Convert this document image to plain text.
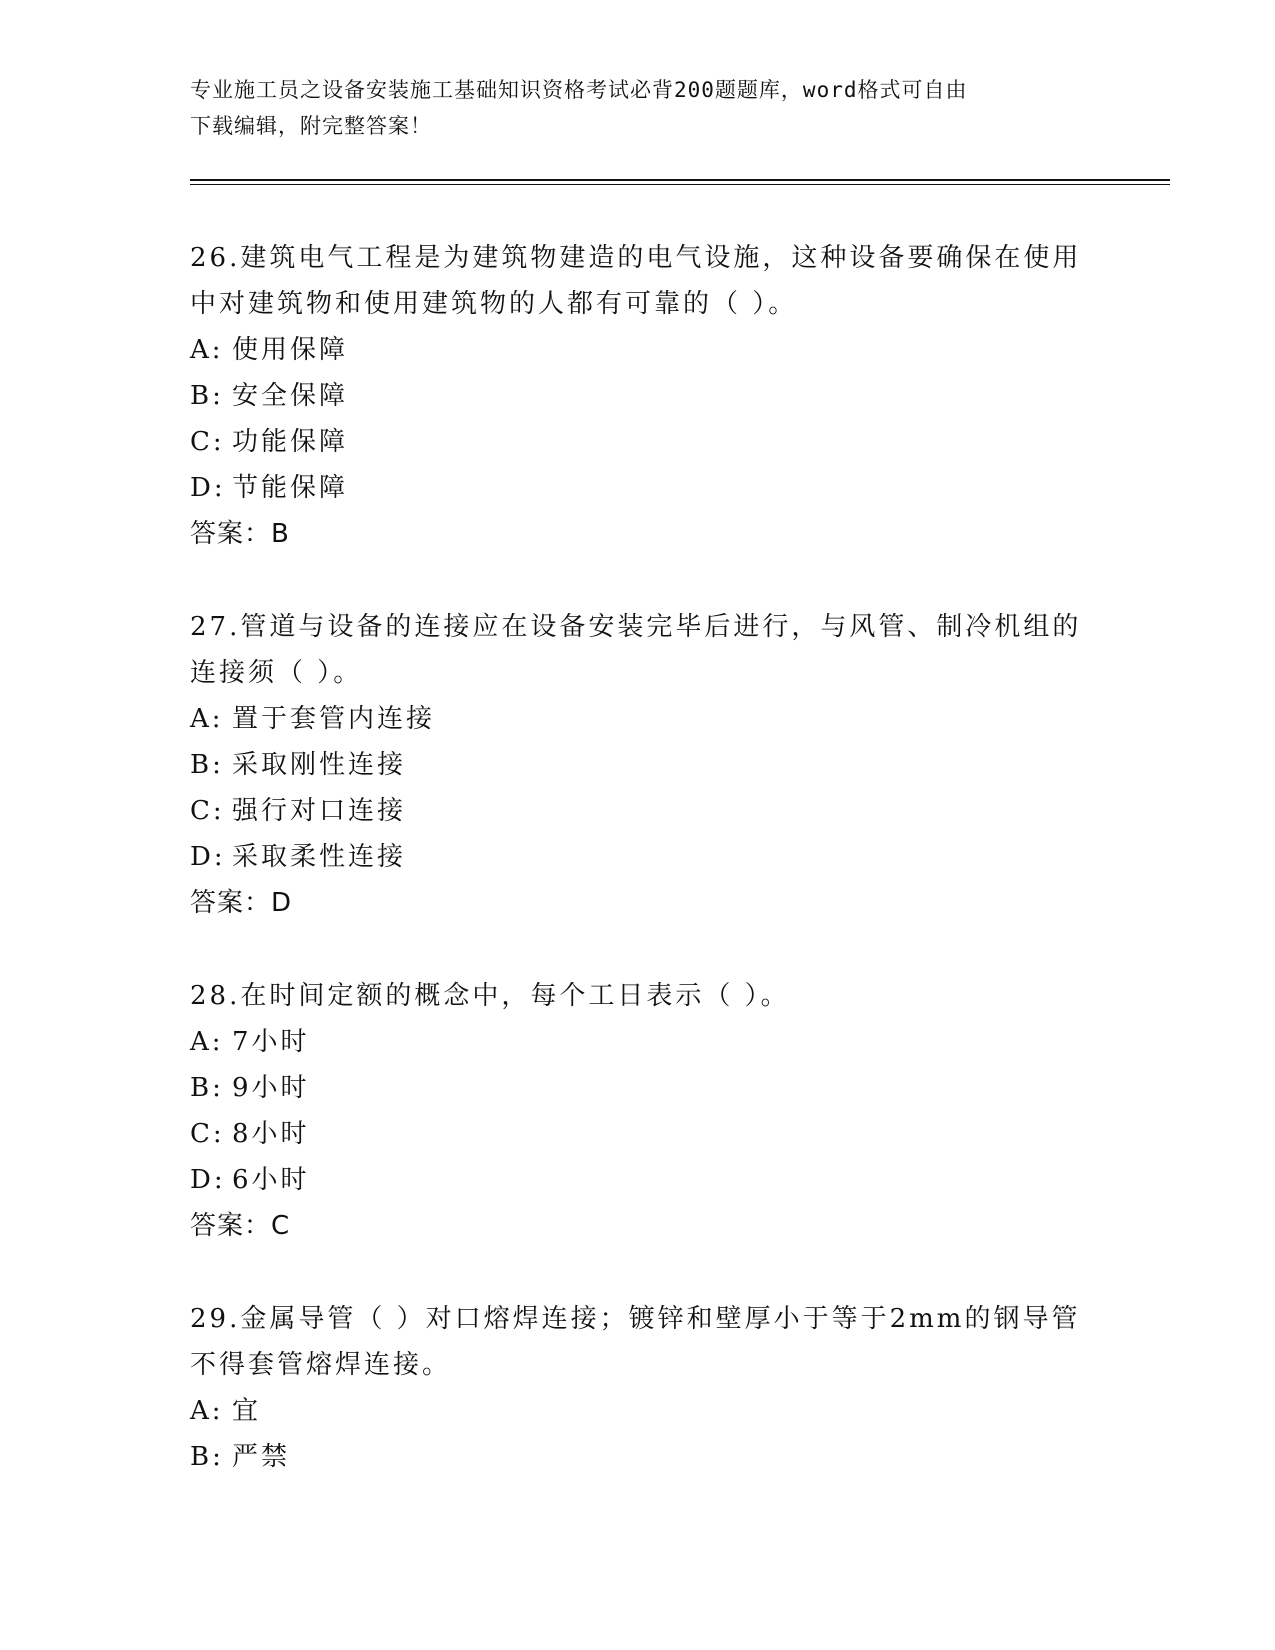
专业施工员之设备安装施工基础知识资格考试必背200题题库，word格式可自由
下载编辑，附完整答案！
26.建筑电气工程是为建筑物建造的电气设施，这种设备要确保在使用
中对建筑物和使用建筑物的人都有可靠的（ ）。
A: 使用保障
B: 安全保障
C: 功能保障
D: 节能保障
答案：B
27.管道与设备的连接应在设备安装完毕后进行，与风管、制冷机组的
连接须（ ）。
A: 置于套管内连接
B: 采取刚性连接
C: 强行对口连接
D: 采取柔性连接
答案：D
28.在时间定额的概念中，每个工日表示（ ）。
A: 7小时
B: 9小时
C: 8小时
D: 6小时
答案：C
29.金属导管（ ）对口熔焊连接；镀锌和壁厚小于等于2mm的钢导管
不得套管熔焊连接。
A: 宜
B: 严禁
